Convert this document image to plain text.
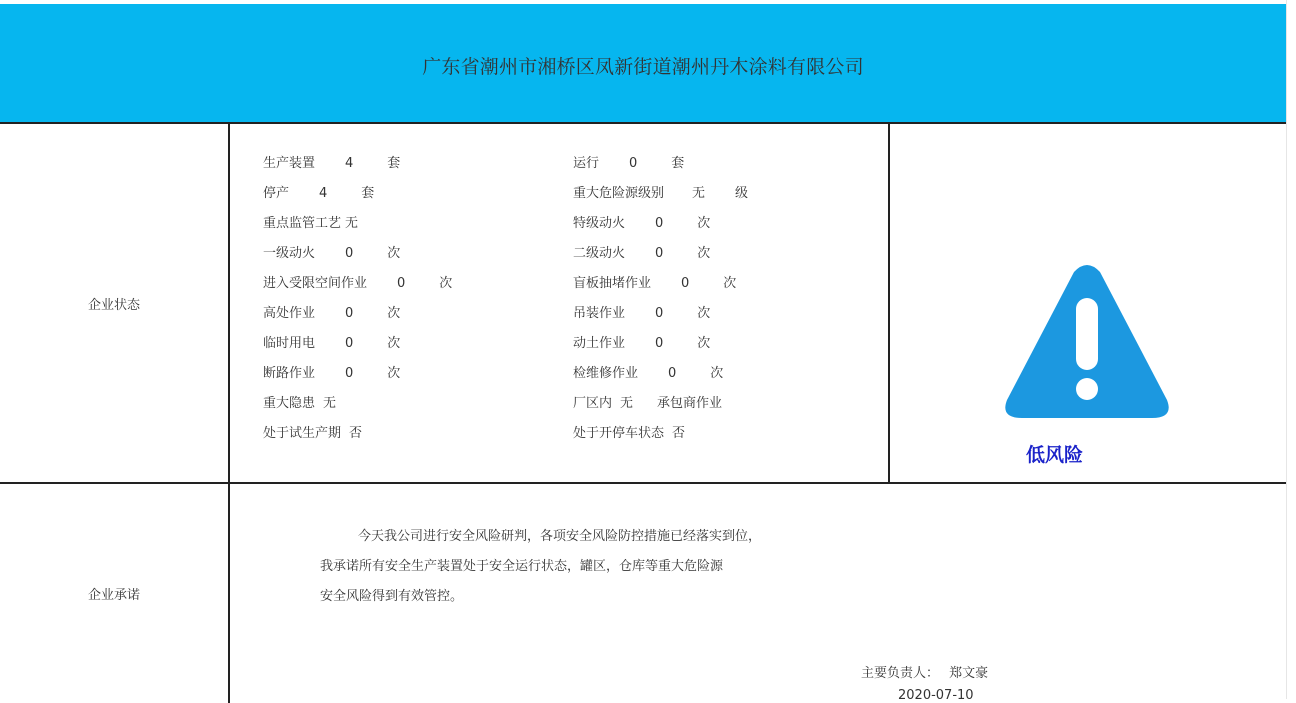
广东省潮州市湘桥区凤新街道潮州丹木涂料有限公司
企业状态
生产装置 4	套	运行 0	套
停产 4	套	重大危险源级别 无 级
重点监管工艺 无	特级动火 0	次
一级动火 0	次	二级动火 0	次
进入受限空间作业 0	次	盲板抽堵作业 0	次
高处作业 0	次	吊装作业 0	次
临时用电 0	次	动土作业 0	次
断路作业 0	次	检维修作业 0	次
重大隐患 无	厂区内 无 承包商作业
处于试生产期 否	处于开停车状态 否
低风险
企业承诺
今天我公司进行安全风险研判，各项安全风险防控措施已经落实到位，
我承诺所有安全生产装置处于安全运行状态，罐区，仓库等重大危险源
安全风险得到有效管控。
主要负责人： 郑文豪
2020-07-10
